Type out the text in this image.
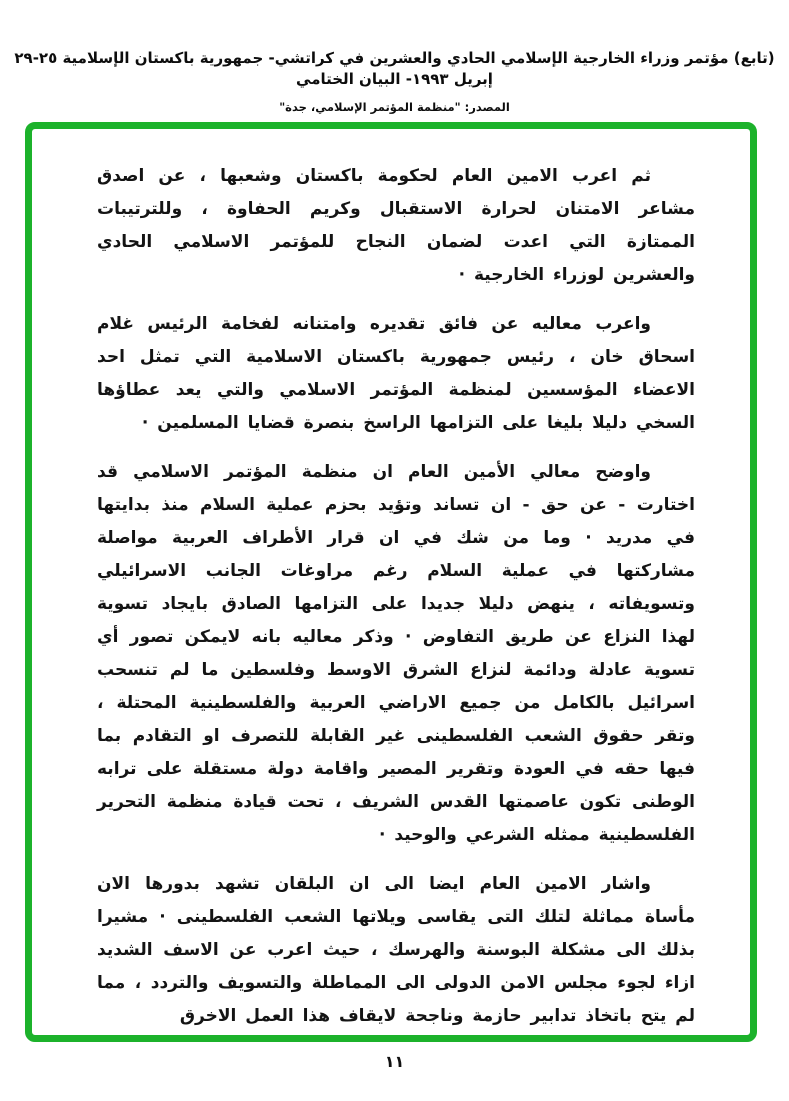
(تابع) مؤتمر وزراء الخارجية الإسلامي الحادي والعشرين في كراتشي- جمهورية باكستان الإسلامية ٢٥-٢٩ إبريل ١٩٩٣- البيان الختامي
المصدر: "منظمة المؤتمر الإسلامي، جدة"

ثم اعرب الامين العام لحكومة باكستان وشعبها ، عن اصدق مشاعر الامتنان لحرارة الاستقبال وكريم الحفاوة ، وللترتيبات الممتازة التي اعدت لضمان النجاح للمؤتمر الاسلامي الحادي والعشرين لوزراء الخارجية ·

واعرب معاليه عن فائق تقديره وامتنانه لفخامة الرئيس غلام اسحاق خان ، رئيس جمهورية باكستان الاسلامية التي تمثل احد الاعضاء المؤسسين لمنظمة المؤتمر الاسلامي والتي يعد عطاؤها السخي دليلا بليغا على التزامها الراسخ بنصرة قضايا المسلمين ·

واوضح معالي الأمين العام ان منظمة المؤتمر الاسلامي قد اختارت - عن حق - ان تساند وتؤيد بحزم عملية السلام منذ بدايتها في مدريد · وما من شك في ان قرار الأطراف العربية مواصلة مشاركتها في عملية السلام رغم مراوغات الجانب الاسرائيلي وتسويفاته ، ينهض دليلا جديدا على التزامها الصادق بايجاد تسوية لهذا النزاع عن طريق التفاوض · وذكر معاليه بانه لايمكن تصور أي تسوية عادلة ودائمة لنزاع الشرق الاوسط وفلسطين ما لم تنسحب اسرائيل بالكامل من جميع الاراضي العربية والفلسطينية المحتلة ، وتقر حقوق الشعب الفلسطينى غير القابلة للتصرف او التقادم بما فيها حقه في العودة وتقرير المصير واقامة دولة مستقلة على ترابه الوطنى تكون عاصمتها القدس الشريف ، تحت قيادة منظمة التحرير الفلسطينية ممثله الشرعي والوحيد ·

واشار الامين العام ايضا الى ان البلقان تشهد بدورها الان مأساة مماثلة لتلك التى يقاسى ويلاتها الشعب الفلسطينى · مشيرا بذلك الى مشكلة البوسنة والهرسك ، حيث اعرب عن الاسف الشديد ازاء لجوء مجلس الامن الدولى الى المماطلة والتسويف والتردد ، مما لم يتح باتخاذ تدابير حازمة وناجحة لايقاف هذا العمل الاخرق

١١
